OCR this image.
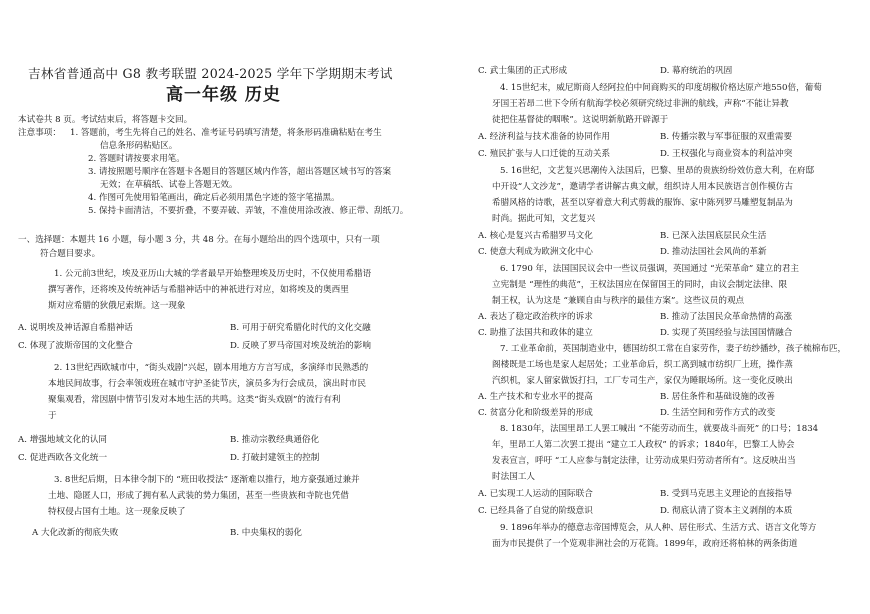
吉林省普通高中 G8 教考联盟 2024-2025 学年下学期期末考试
高一年级 历史
本试卷共 8 页。考试结束后，将答题卡交回。
注意事项： 1. 答题前，考生先将自己的姓名、准考证号码填写清楚，将条形码准确粘贴在考生
信息条形码粘贴区。
2. 答题时请按要求用笔。
3. 请按照题号顺序在答题卡各题目的答题区域内作答，超出答题区域书写的答案
无效；在草稿纸、试卷上答题无效。
4. 作图可先使用铅笔画出，确定后必须用黑色字迹的签字笔描黑。
5. 保持卡面清洁，不要折叠，不要弄破、弄皱，不准使用涂改液、修正带、刮纸刀。
一、选择题：本题共 16 小题，每小题 3 分，共 48 分。在每小题给出的四个选项中，只有一项
符合题目要求。
1. 公元前3世纪，埃及亚历山大城的学者最早开始整理埃及历史时，不仅使用希腊语
撰写著作，还将埃及传统神话与希腊神话中的神祇进行对应，如将埃及的奥西里
斯对应希腊的狄俄尼索斯。这一现象
A. 说明埃及神话源自希腊神话	B. 可用于研究希腊化时代的文化交融
C. 体现了波斯帝国的文化整合	D. 反映了罗马帝国对埃及统治的影响
2. 13世纪西欧城市中，“街头戏剧”兴起，剧本用地方方言写成，多演绎市民熟悉的
本地民间故事，行会率领戏班在城市守护圣徒节庆，演员多为行会成员，演出时市民
聚集观看，常因剧中情节引发对本地生活的共鸣。这类“街头戏剧”的流行有利
于
A. 增强地域文化的认同	B. 推动宗教经典通俗化
C. 促进西欧各文化统一	D. 打破封建领主的控制
3. 8世纪后期，日本律令制下的 “班田收授法” 逐渐难以推行，地方豪强通过兼并
土地、隐匿人口，形成了拥有私人武装的势力集团，甚至一些贵族和寺院也凭借
特权侵占国有土地。这一现象反映了
A 大化改新的彻底失败	B. 中央集权的弱化
C. 武士集团的正式形成	D. 幕府统治的巩固
4. 15世纪末，威尼斯商人经阿拉伯中间商购买的印度胡椒价格达原产地550倍，葡萄
牙国王若昂二世下令所有航海学校必须研究绕过非洲的航线，声称“不能让异教
徒把住基督徒的咽喉”。这说明新航路开辟源于
A. 经济利益与技术准备的协同作用	B. 传播宗教与军事征服的双重需要
C. 殖民扩张与人口迁徙的互动关系	D. 王权强化与商业资本的利益冲突
5. 16世纪，文艺复兴思潮传入法国后，巴黎、里昂的贵族纷纷效仿意大利，在府邸
中开设“人文沙龙”，邀请学者讲解古典文献，组织诗人用本民族语言创作模仿古
希腊风格的诗歌，甚至以穿着意大利式剪裁的服饰、家中陈列罗马雕塑复制品为
时尚。据此可知，文艺复兴
A. 核心是复兴古希腊罗马文化	B. 已深入法国底层民众生活
C. 使意大利成为欧洲文化中心	D. 推动法国社会风尚的革新
6. 1790 年，法国国民议会中一些议员强调，英国通过 “光荣革命” 建立的君主
立宪制是 “理性的典范”，王权法国应在保留国王的同时，由议会制定法律、限
制王权，认为这是 “兼顾自由与秩序的最佳方案”。这些议员的观点
A. 表达了稳定政治秩序的诉求	B. 推动了法国民众革命热情的高涨
C. 助推了法国共和政体的建立	D. 实现了英国经验与法国国情融合
7. 工业革命前，英国制造业中，德国纺织工常在自家劳作，妻子纺纱播纱，孩子梳棉布匹，
阁楼既是工场也是家人起居处；工业革命后，织工离到城市纺织厂上班，操作蒸
汽织机，家人留家做饭打扫，工厂专司生产，家仅为睡眠场所。这一变化反映出
A. 生产技术和专业水平的提高	B. 居住条件和基础设施的改善
C. 贫富分化和阶级差异的形成	D. 生活空间和劳作方式的改变
8. 1830年，法国里昂工人罢工喊出 “不能劳动而生，就要战斗而死” 的口号；1834
年，里昂工人第二次罢工提出 “建立工人政权” 的诉求；1840年，巴黎工人协会
发表宣言，呼吁 “工人应参与制定法律，让劳动成果归劳动者所有”。这反映出当
时法国工人
A. 已实现工人运动的国际联合	B. 受到马克思主义理论的直接指导
C. 已经具备了自觉的阶级意识	D. 彻底认清了资本主义剥削的本质
9. 1896年举办的德意志帝国博览会，从人种、居住形式、生活方式、语言文化等方
面为市民提供了一个览观非洲社会的万花筒。1899年，政府还将柏林的两条街道
